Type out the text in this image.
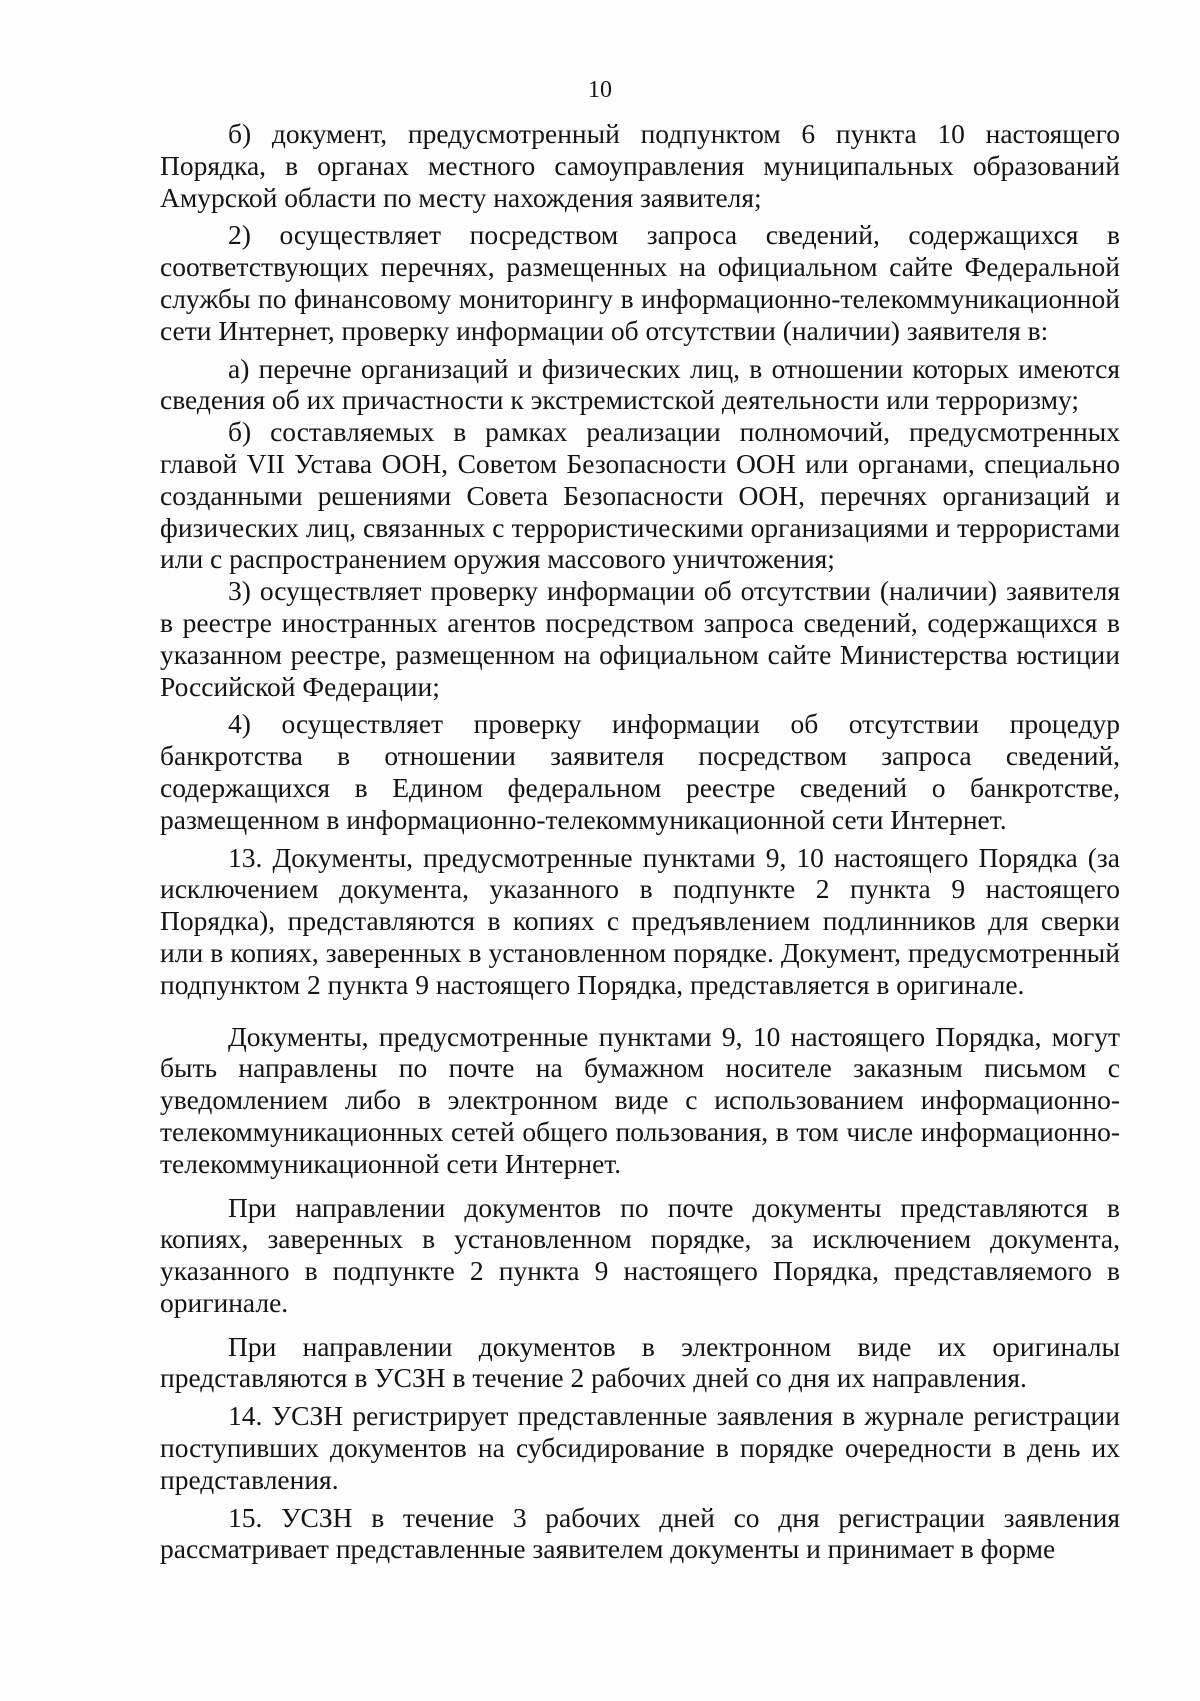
10

б) документ, предусмотренный подпунктом 6 пункта 10 настоящего Порядка, в органах местного самоуправления муниципальных образований Амурской области по месту нахождения заявителя;

2) осуществляет посредством запроса сведений, содержащихся в соответствующих перечнях, размещенных на официальном сайте Федеральной службы по финансовому мониторингу в информационно-телекоммуникационной сети Интернет, проверку информации об отсутствии (наличии) заявителя в:

а) перечне организаций и физических лиц, в отношении которых имеются сведения об их причастности к экстремистской деятельности или терроризму;

б) составляемых в рамках реализации полномочий, предусмотренных главой VII Устава ООН, Советом Безопасности ООН или органами, специально созданными решениями Совета Безопасности ООН, перечнях организаций и физических лиц, связанных с террористическими организациями и террористами или с распространением оружия массового уничтожения;

3) осуществляет проверку информации об отсутствии (наличии) заявителя в реестре иностранных агентов посредством запроса сведений, содержащихся в указанном реестре, размещенном на официальном сайте Министерства юстиции Российской Федерации;

4) осуществляет проверку информации об отсутствии процедур банкротства в отношении заявителя посредством запроса сведений, содержащихся в Едином федеральном реестре сведений о банкротстве, размещенном в информационно-телекоммуникационной сети Интернет.

13. Документы, предусмотренные пунктами 9, 10 настоящего Порядка (за исключением документа, указанного в подпункте 2 пункта 9 настоящего Порядка), представляются в копиях с предъявлением подлинников для сверки или в копиях, заверенных в установленном порядке. Документ, предусмотренный подпунктом 2 пункта 9 настоящего Порядка, представляется в оригинале.

Документы, предусмотренные пунктами 9, 10 настоящего Порядка, могут быть направлены по почте на бумажном носителе заказным письмом с уведомлением либо в электронном виде с использованием информационно-телекоммуникационных сетей общего пользования, в том числе информационно-телекоммуникационной сети Интернет.

При направлении документов по почте документы представляются в копиях, заверенных в установленном порядке, за исключением документа, указанного в подпункте 2 пункта 9 настоящего Порядка, представляемого в оригинале.

При направлении документов в электронном виде их оригиналы представляются в УСЗН в течение 2 рабочих дней со дня их направления.

14. УСЗН регистрирует представленные заявления в журнале регистрации поступивших документов на субсидирование в порядке очередности в день их представления.

15. УСЗН в течение 3 рабочих дней со дня регистрации заявления рассматривает представленные заявителем документы и принимает в форме
